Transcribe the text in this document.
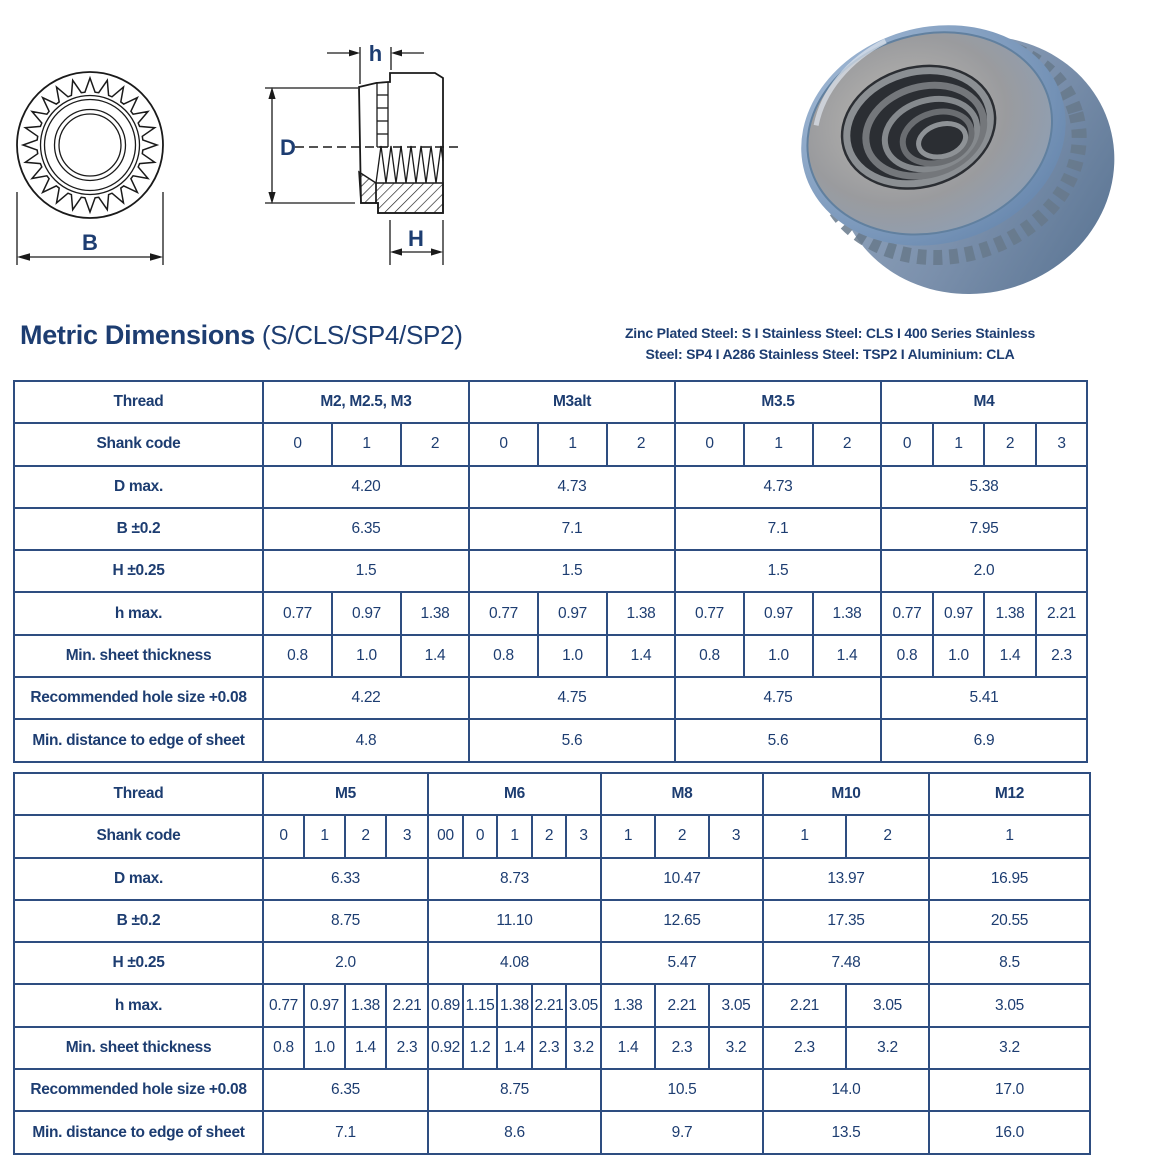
B
h
D
H
Metric Dimensions (S/CLS/SP4/SP2)	Zinc Plated Steel: S I Stainless Steel: CLS I 400 Series Stainless
Steel: SP4 I A286 Stainless Steel: TSP2 I Aluminium: CLA
Thread	M2, M2.5, M3			M3alt			M3.5			M4			
Shank code	0	1	2	0	1	2	0	1	2	0	1	2	3
D max.	4.20			4.73			4.73			5.38			
B ±0.2	6.35			7.1			7.1			7.95			
H ±0.25	1.5			1.5			1.5			2.0			
h max.	0.77	0.97	1.38	0.77	0.97	1.38	0.77	0.97	1.38	0.77	0.97	1.38	2.21
Min. sheet thickness	0.8	1.0	1.4	0.8	1.0	1.4	0.8	1.0	1.4	0.8	1.0	1.4	2.3
Recommended hole size +0.08	4.22			4.75			4.75			5.41			
Min. distance to edge of sheet	4.8			5.6			5.6			6.9			
Thread	M5				M6					M8			M10		M12
Shank code	0	1	2	3	00	0	1	2	3	1	2	3	1	2	1
D max.	6.33				8.73					10.47			13.97		16.95
B ±0.2	8.75				11.10					12.65			17.35		20.55
H ±0.25	2.0				4.08					5.47			7.48		8.5
h max.	0.77	0.97	1.38	2.21	0.89	1.15	1.38	2.21	3.05	1.38	2.21	3.05	2.21	3.05	3.05
Min. sheet thickness	0.8	1.0	1.4	2.3	0.92	1.2	1.4	2.3	3.2	1.4	2.3	3.2	2.3	3.2	3.2
Recommended hole size +0.08	6.35				8.75					10.5			14.0		17.0
Min. distance to edge of sheet	7.1				8.6					9.7			13.5		16.0
